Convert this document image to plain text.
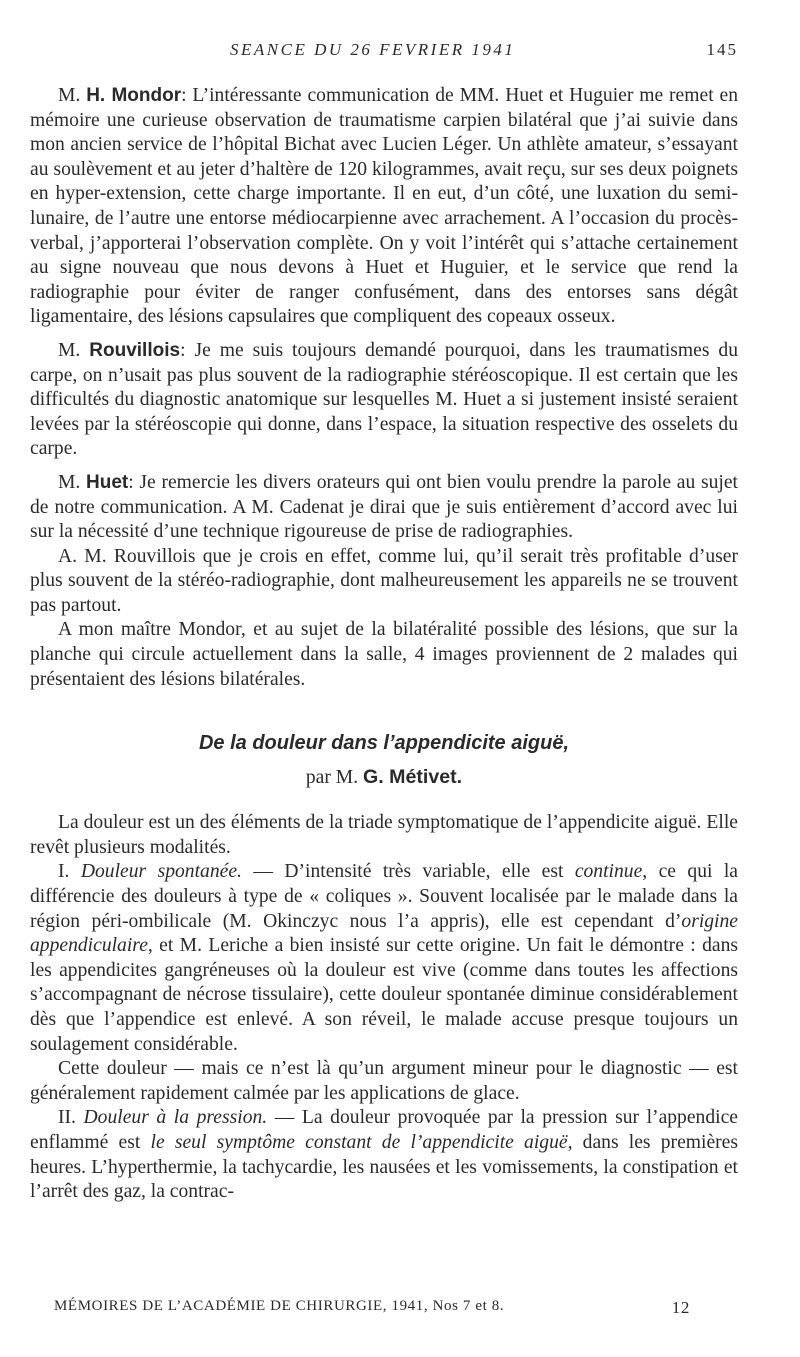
SEANCE DU 26 FEVRIER 1941	145

M. H. Mondor: L’intéressante communication de MM. Huet et Huguier me remet en mémoire une curieuse observation de traumatisme carpien bilatéral que j’ai suivie dans mon ancien service de l’hôpital Bichat avec Lucien Léger. Un athlète amateur, s’essayant au soulèvement et au jeter d’haltère de 120 kilogrammes, avait reçu, sur ses deux poignets en hyper-extension, cette charge importante. Il en eut, d’un côté, une luxation du semi-lunaire, de l’autre une entorse médiocarpienne avec arrachement. A l’occasion du procès-verbal, j’apporterai l’observation complète. On y voit l’intérêt qui s’attache certainement au signe nouveau que nous devons à Huet et Huguier, et le service que rend la radiographie pour éviter de ranger confusément, dans des entorses sans dégât ligamentaire, des lésions capsulaires que compliquent des copeaux osseux.

M. Rouvillois: Je me suis toujours demandé pourquoi, dans les traumatismes du carpe, on n’usait pas plus souvent de la radiographie stéréoscopique. Il est certain que les difficultés du diagnostic anatomique sur lesquelles M. Huet a si justement insisté seraient levées par la stéréoscopie qui donne, dans l’espace, la situation respective des osselets du carpe.

M. Huet: Je remercie les divers orateurs qui ont bien voulu prendre la parole au sujet de notre communication. A M. Cadenat je dirai que je suis entièrement d’accord avec lui sur la nécessité d’une technique rigoureuse de prise de radiographies.

A. M. Rouvillois que je crois en effet, comme lui, qu’il serait très profitable d’user plus souvent de la stéréo-radiographie, dont malheureusement les appareils ne se trouvent pas partout.

A mon maître Mondor, et au sujet de la bilatéralité possible des lésions, que sur la planche qui circule actuellement dans la salle, 4 images proviennent de 2 malades qui présentaient des lésions bilatérales.

De la douleur dans l’appendicite aiguë,

par M. G. Métivet.

La douleur est un des éléments de la triade symptomatique de l’appendicite aiguë. Elle revêt plusieurs modalités.

I. Douleur spontanée. — D’intensité très variable, elle est continue, ce qui la différencie des douleurs à type de « coliques ». Souvent localisée par le malade dans la région péri-ombilicale (M. Okinczyc nous l’a appris), elle est cependant d’origine appendiculaire, et M. Leriche a bien insisté sur cette origine. Un fait le démontre : dans les appendicites gangréneuses où la douleur est vive (comme dans toutes les affections s’accompagnant de nécrose tissulaire), cette douleur spontanée diminue considérablement dès que l’appendice est enlevé. A son réveil, le malade accuse presque toujours un soulagement considérable.

Cette douleur — mais ce n’est là qu’un argument mineur pour le diagnostic — est généralement rapidement calmée par les applications de glace.

II. Douleur à la pression. — La douleur provoquée par la pression sur l’appendice enflammé est le seul symptôme constant de l’appendicite aiguë, dans les premières heures. L’hyperthermie, la tachycardie, les nausées et les vomissements, la constipation et l’arrêt des gaz, la contrac-

MÉMOIRES DE L’ACADÉMIE DE CHIRURGIE, 1941, Nos 7 et 8.	12
